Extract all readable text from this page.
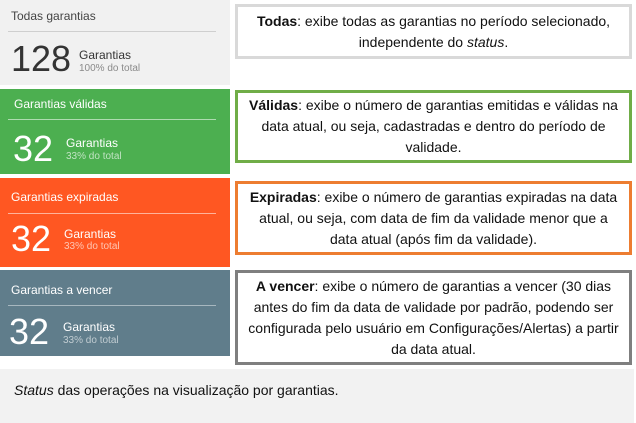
Todas garantias
128 Garantias
100% do total
Garantias válidas
32 Garantias
33% do total
Garantias expiradas
32 Garantias
33% do total
Garantias a vencer
32 Garantias
33% do total

Todas: exibe todas as garantias no período selecionado, independente do status.

Válidas: exibe o número de garantias emitidas e válidas na data atual, ou seja, cadastradas e dentro do período de validade.

Expiradas: exibe o número de garantias expiradas na data atual, ou seja, com data de fim da validade menor que a data atual (após fim da validade).

A vencer: exibe o número de garantias a vencer (30 dias antes do fim da data de validade por padrão, podendo ser configurada pelo usuário em Configurações/Alertas) a partir da data atual.

Status das operações na visualização por garantias.
